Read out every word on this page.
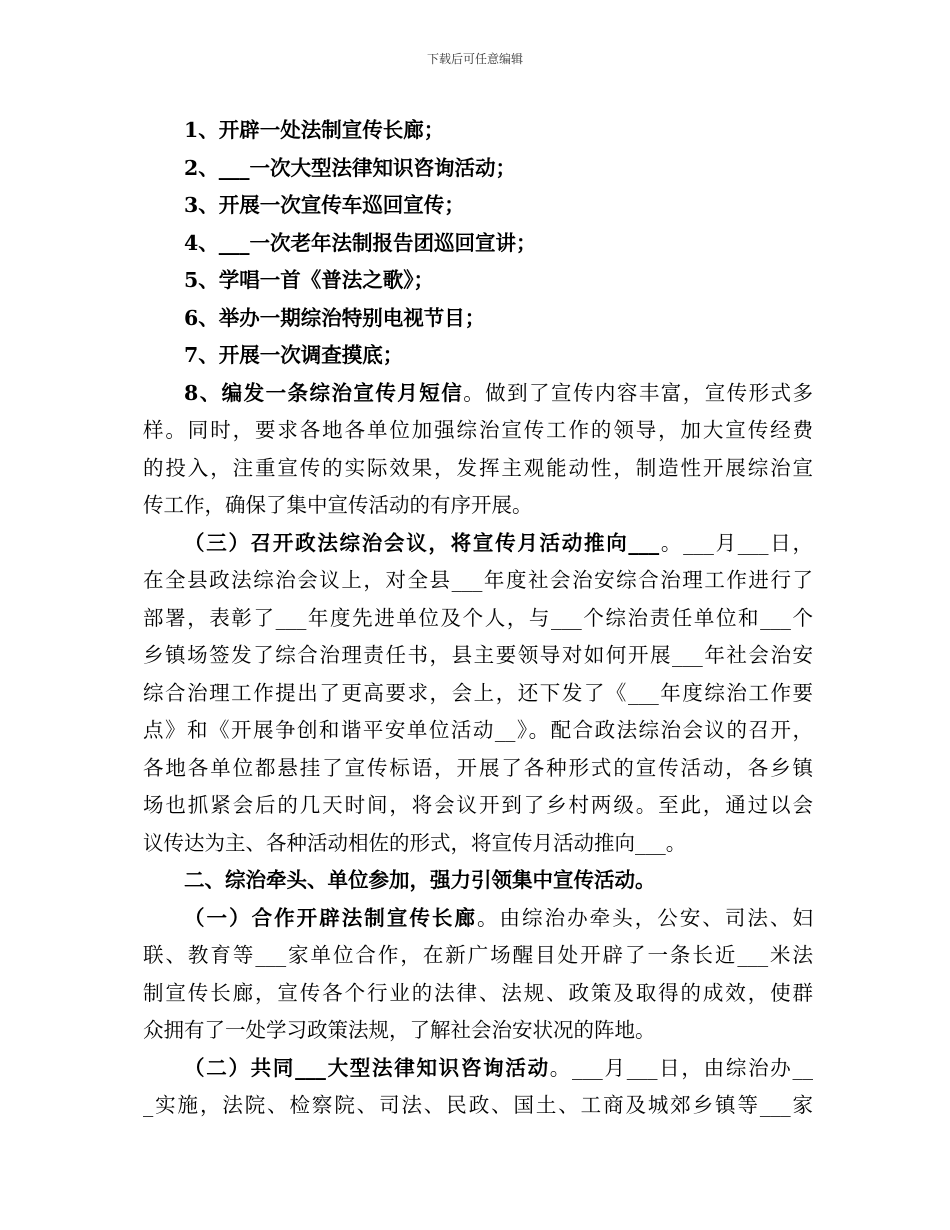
下载后可任意编辑
1、开辟一处法制宣传长廊；
2、___一次大型法律知识咨询活动；
3、开展一次宣传车巡回宣传；
4、___一次老年法制报告团巡回宣讲；
5、学唱一首《普法之歌》；
6、举办一期综治特别电视节目；
7、开展一次调查摸底；
8、编发一条综治宣传月短信。做到了宣传内容丰富，宣传形式多
样。同时，要求各地各单位加强综治宣传工作的领导，加大宣传经费
的投入，注重宣传的实际效果，发挥主观能动性，制造性开展综治宣
传工作，确保了集中宣传活动的有序开展。
（三）召开政法综治会议，将宣传月活动推向___。___月___日，
在全县政法综治会议上，对全县___年度社会治安综合治理工作进行了
部署，表彰了___年度先进单位及个人，与___个综治责任单位和___个
乡镇场签发了综合治理责任书，县主要领导对如何开展___年社会治安
综合治理工作提出了更高要求，会上，还下发了《___年度综治工作要
点》和《开展争创和谐平安单位活动__》。配合政法综治会议的召开，
各地各单位都悬挂了宣传标语，开展了各种形式的宣传活动，各乡镇
场也抓紧会后的几天时间，将会议开到了乡村两级。至此，通过以会
议传达为主、各种活动相佐的形式，将宣传月活动推向___。
二、综治牵头、单位参加，强力引领集中宣传活动。
（一）合作开辟法制宣传长廊。由综治办牵头，公安、司法、妇
联、教育等___家单位合作，在新广场醒目处开辟了一条长近___米法
制宣传长廊，宣传各个行业的法律、法规、政策及取得的成效，使群
众拥有了一处学习政策法规，了解社会治安状况的阵地。
（二）共同___大型法律知识咨询活动。___月___日，由综治办__
_实施，法院、检察院、司法、民政、国土、工商及城郊乡镇等___家
